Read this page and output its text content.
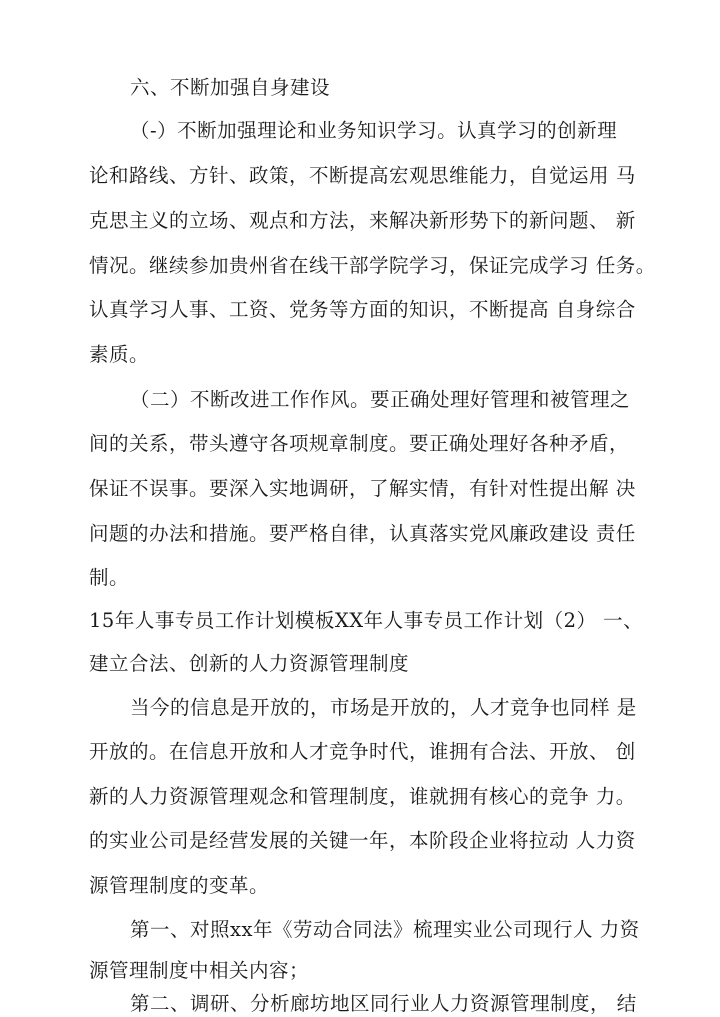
六、不断加强自身建设
（-）不断加强理论和业务知识学习。认真学习的创新理
论和路线、方针、政策，不断提高宏观思维能力，自觉运用 马
克思主义的立场、观点和方法，来解决新形势下的新问题、 新
情况。继续参加贵州省在线干部学院学习，保证完成学习 任务。
认真学习人事、工资、党务等方面的知识，不断提高 自身综合
素质。
（二）不断改进工作作风。要正确处理好管理和被管理之
间的关系，带头遵守各项规章制度。要正确处理好各种矛盾，
保证不误事。要深入实地调研，了解实情，有针对性提出解 决
问题的办法和措施。要严格自律，认真落实党风廉政建设 责任
制。
15年人事专员工作计划模板XX年人事专员工作计划（2） 一、
建立合法、创新的人力资源管理制度
当今的信息是开放的，市场是开放的，人才竞争也同样 是
开放的。在信息开放和人才竞争时代，谁拥有合法、开放、 创
新的人力资源管理观念和管理制度，谁就拥有核心的竞争 力。
的实业公司是经营发展的关键一年，本阶段企业将拉动 人力资
源管理制度的变革。
第一、对照xx年《劳动合同法》梳理实业公司现行人 力资
源管理制度中相关内容；
第二、调研、分析廊坊地区同行业人力资源管理制度， 结
